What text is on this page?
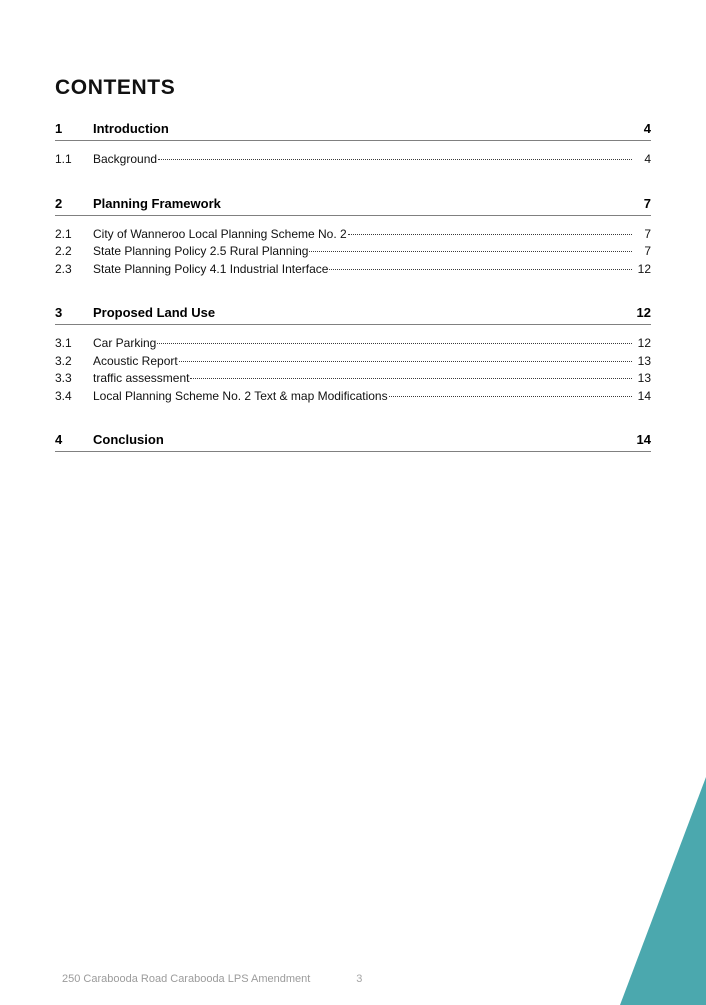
CONTENTS
1	Introduction	4
1.1	Background	4
2	Planning Framework	7
2.1	City of Wanneroo Local Planning Scheme No. 2	7
2.2	State Planning Policy 2.5 Rural Planning	7
2.3	State Planning Policy 4.1 Industrial Interface	12
3	Proposed Land Use	12
3.1	Car Parking	12
3.2	Acoustic Report	13
3.3	traffic assessment	13
3.4	Local Planning Scheme No. 2 Text & map Modifications	14
4	Conclusion	14
250 Carabooda Road Carabooda LPS Amendment	3
